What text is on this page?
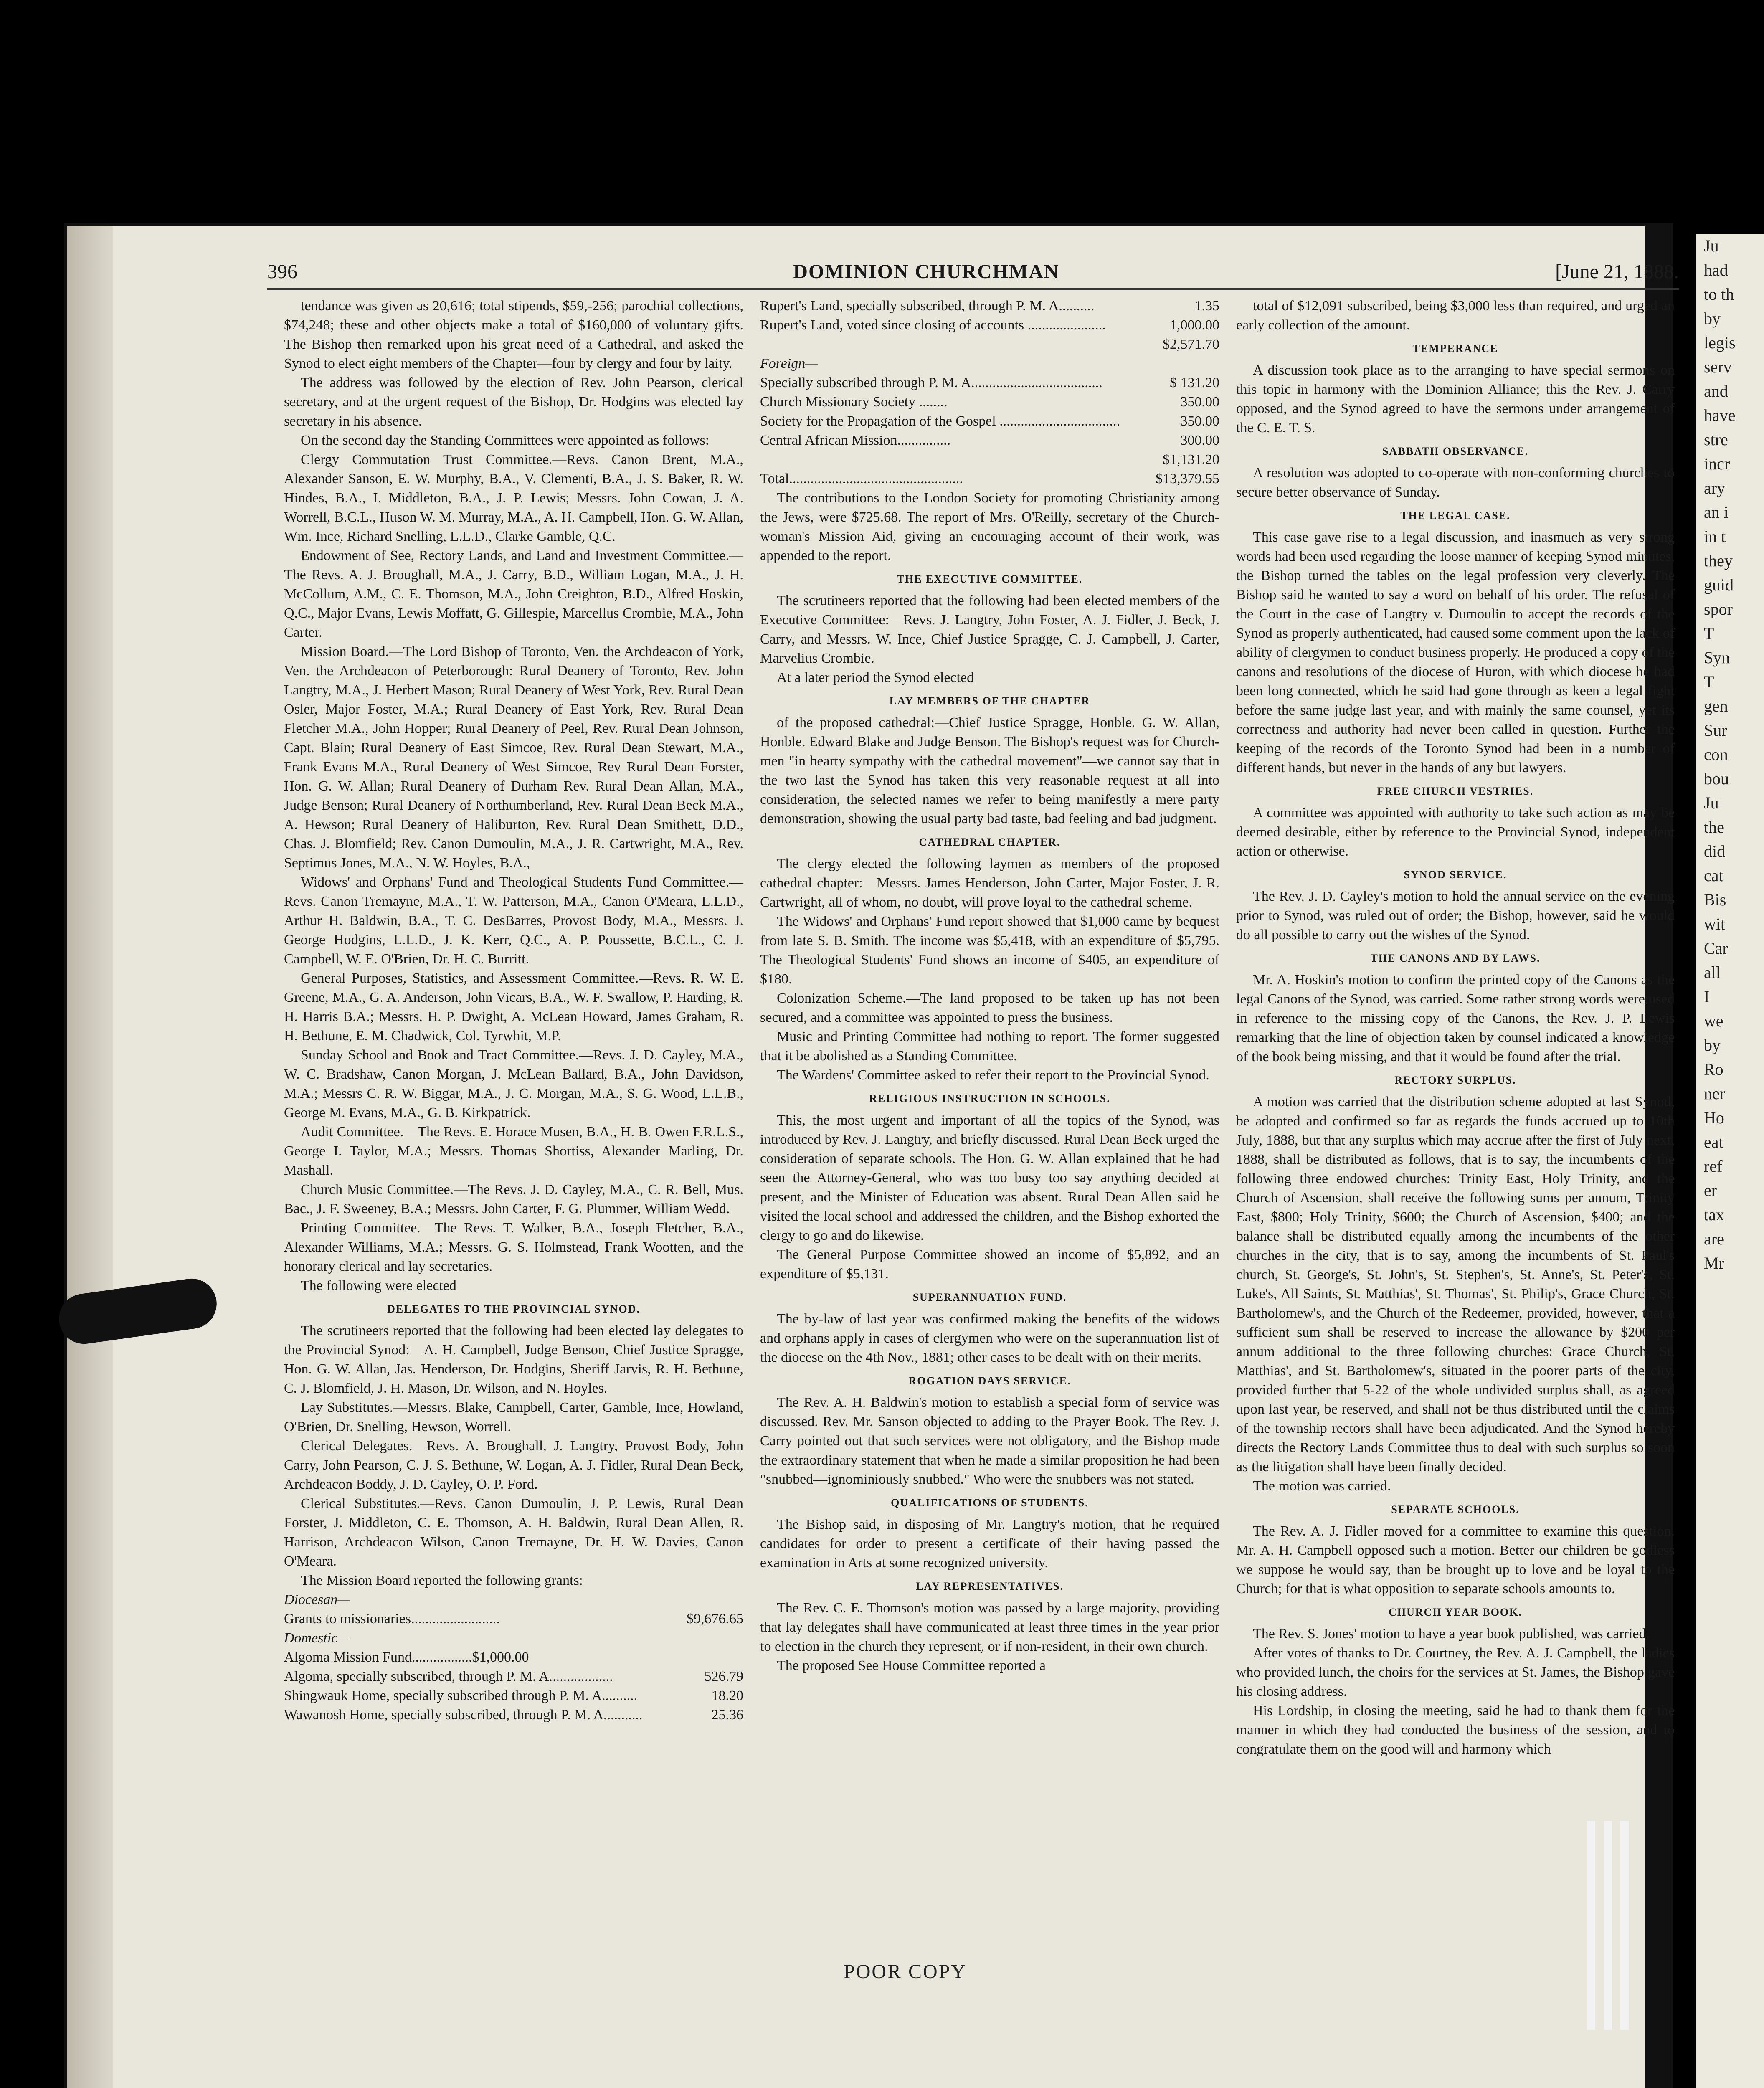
Ju
had
to th
by
legis
serv
and
have
stre
incr
ary
an i
in t
they
guid
spor
T
Syn
T
gen
Sur
con
bou
Ju
the
did
cat
Bis
wit
Car
all
I
we
by
Ro
ner
Ho
eat
ref
er
tax
are
Mr
396	DOMINION CHURCHMAN	[June 21, 1888.

tendance was given as 20,616; total stipends, $59,-256; parochial collections, $74,248; these and other objects make a total of $160,000 of voluntary gifts. The Bishop then remarked upon his great need of a Cathedral, and asked the Synod to elect eight members of the Chapter—four by clergy and four by laity.

The address was followed by the election of Rev. John Pearson, clerical secretary, and at the urgent request of the Bishop, Dr. Hodgins was elected lay secretary in his absence.

On the second day the Standing Committees were appointed as follows:

Clergy Commutation Trust Committee.—Revs. Canon Brent, M.A., Alexander Sanson, E. W. Murphy, B.A., V. Clementi, B.A., J. S. Baker, R. W. Hindes, B.A., I. Middleton, B.A., J. P. Lewis; Messrs. John Cowan, J. A. Worrell, B.C.L., Huson W. M. Murray, M.A., A. H. Campbell, Hon. G. W. Allan, Wm. Ince, Richard Snelling, L.L.D., Clarke Gamble, Q.C.

Endowment of See, Rectory Lands, and Land and Investment Committee.—The Revs. A. J. Broughall, M.A., J. Carry, B.D., William Logan, M.A., J. H. McCollum, A.M., C. E. Thomson, M.A., John Creighton, B.D., Alfred Hoskin, Q.C., Major Evans, Lewis Moffatt, G. Gillespie, Marcellus Crombie, M.A., John Carter.

Mission Board.—The Lord Bishop of Toronto, Ven. the Archdeacon of York, Ven. the Archdeacon of Peterborough: Rural Deanery of Toronto, Rev. John Langtry, M.A., J. Herbert Mason; Rural Deanery of West York, Rev. Rural Dean Osler, Major Foster, M.A.; Rural Deanery of East York, Rev. Rural Dean Fletcher M.A., John Hopper; Rural Deanery of Peel, Rev. Rural Dean Johnson, Capt. Blain; Rural Deanery of East Simcoe, Rev. Rural Dean Stewart, M.A., Frank Evans M.A., Rural Deanery of West Simcoe, Rev Rural Dean Forster, Hon. G. W. Allan; Rural Deanery of Durham Rev. Rural Dean Allan, M.A., Judge Benson; Rural Deanery of Northumberland, Rev. Rural Dean Beck M.A., A. Hewson; Rural Deanery of Haliburton, Rev. Rural Dean Smithett, D.D., Chas. J. Blomfield; Rev. Canon Dumoulin, M.A., J. R. Cartwright, M.A., Rev. Septimus Jones, M.A., N. W. Hoyles, B.A.,

Widows' and Orphans' Fund and Theological Students Fund Committee.—Revs. Canon Tremayne, M.A., T. W. Patterson, M.A., Canon O'Meara, L.L.D., Arthur H. Baldwin, B.A., T. C. DesBarres, Provost Body, M.A., Messrs. J. George Hodgins, L.L.D., J. K. Kerr, Q.C., A. P. Poussette, B.C.L., C. J. Campbell, W. E. O'Brien, Dr. H. C. Burritt.

General Purposes, Statistics, and Assessment Committee.—Revs. R. W. E. Greene, M.A., G. A. Anderson, John Vicars, B.A., W. F. Swallow, P. Harding, R. H. Harris B.A.; Messrs. H. P. Dwight, A. McLean Howard, James Graham, R. H. Bethune, E. M. Chadwick, Col. Tyrwhit, M.P.

Sunday School and Book and Tract Committee.—Revs. J. D. Cayley, M.A., W. C. Bradshaw, Canon Morgan, J. McLean Ballard, B.A., John Davidson, M.A.; Messrs C. R. W. Biggar, M.A., J. C. Morgan, M.A., S. G. Wood, L.L.B., George M. Evans, M.A., G. B. Kirkpatrick.

Audit Committee.—The Revs. E. Horace Musen, B.A., H. B. Owen F.R.L.S., George I. Taylor, M.A.; Messrs. Thomas Shortiss, Alexander Marling, Dr. Mashall.

Church Music Committee.—The Revs. J. D. Cayley, M.A., C. R. Bell, Mus. Bac., J. F. Sweeney, B.A.; Messrs. John Carter, F. G. Plummer, William Wedd.

Printing Committee.—The Revs. T. Walker, B.A., Joseph Fletcher, B.A., Alexander Williams, M.A.; Messrs. G. S. Holmstead, Frank Wootten, and the honorary clerical and lay secretaries.

The following were elected

DELEGATES TO THE PROVINCIAL SYNOD.

The scrutineers reported that the following had been elected lay delegates to the Provincial Synod:—A. H. Campbell, Judge Benson, Chief Justice Spragge, Hon. G. W. Allan, Jas. Henderson, Dr. Hodgins, Sheriff Jarvis, R. H. Bethune, C. J. Blomfield, J. H. Mason, Dr. Wilson, and N. Hoyles.

Lay Substitutes.—Messrs. Blake, Campbell, Carter, Gamble, Ince, Howland, O'Brien, Dr. Snelling, Hewson, Worrell.

Clerical Delegates.—Revs. A. Broughall, J. Langtry, Provost Body, John Carry, John Pearson, C. J. S. Bethune, W. Logan, A. J. Fidler, Rural Dean Beck, Archdeacon Boddy, J. D. Cayley, O. P. Ford.

Clerical Substitutes.—Revs. Canon Dumoulin, J. P. Lewis, Rural Dean Forster, J. Middleton, C. E. Thomson, A. H. Baldwin, Rural Dean Allen, R. Harrison, Archdeacon Wilson, Canon Tremayne, Dr. H. W. Davies, Canon O'Meara.

The Mission Board reported the following grants:

Diocesan—

Grants to missionaries.........................	$9,676.65

Domestic—

Algoma Mission Fund.................$1,000.00
Algoma, specially subscribed, through P. M. A..................	526.79
Shingwauk Home, specially subscribed through P. M. A..........	18.20
Wawanosh Home, specially subscribed, through P. M. A...........	25.36
Rupert's Land, specially subscribed, through P. M. A..........	1.35
Rupert's Land, voted since closing of accounts ......................	1,000.00
$2,571.70

Foreign—

Specially subscribed through P. M. A.....................................	$ 131.20
Church Missionary Society ........	350.00
Society for the Propagation of the Gospel ..................................	350.00
Central African Mission...............	300.00
$1,131.20
Total.................................................	$13,379.55

The contributions to the London Society for promoting Christianity among the Jews, were $725.68. The report of Mrs. O'Reilly, secretary of the Church-woman's Mission Aid, giving an encouraging account of their work, was appended to the report.

THE EXECUTIVE COMMITTEE.

The scrutineers reported that the following had been elected members of the Executive Committee:—Revs. J. Langtry, John Foster, A. J. Fidler, J. Beck, J. Carry, and Messrs. W. Ince, Chief Justice Spragge, C. J. Campbell, J. Carter, Marvelius Crombie.

At a later period the Synod elected

LAY MEMBERS OF THE CHAPTER

of the proposed cathedral:—Chief Justice Spragge, Honble. G. W. Allan, Honble. Edward Blake and Judge Benson. The Bishop's request was for Church-men "in hearty sympathy with the cathedral movement"—we cannot say that in the two last the Synod has taken this very reasonable request at all into consideration, the selected names we refer to being manifestly a mere party demonstration, showing the usual party bad taste, bad feeling and bad judgment.

CATHEDRAL CHAPTER.

The clergy elected the following laymen as members of the proposed cathedral chapter:—Messrs. James Henderson, John Carter, Major Foster, J. R. Cartwright, all of whom, no doubt, will prove loyal to the cathedral scheme.

The Widows' and Orphans' Fund report showed that $1,000 came by bequest from late S. B. Smith. The income was $5,418, with an expenditure of $5,795. The Theological Students' Fund shows an income of $405, an expenditure of $180.

Colonization Scheme.—The land proposed to be taken up has not been secured, and a committee was appointed to press the business.

Music and Printing Committee had nothing to report. The former suggested that it be abolished as a Standing Committee.

The Wardens' Committee asked to refer their report to the Provincial Synod.

RELIGIOUS INSTRUCTION IN SCHOOLS.

This, the most urgent and important of all the topics of the Synod, was introduced by Rev. J. Langtry, and briefly discussed. Rural Dean Beck urged the consideration of separate schools. The Hon. G. W. Allan explained that he had seen the Attorney-General, who was too busy too say anything decided at present, and the Minister of Education was absent. Rural Dean Allen said he visited the local school and addressed the children, and the Bishop exhorted the clergy to go and do likewise.

The General Purpose Committee showed an income of $5,892, and an expenditure of $5,131.

SUPERANNUATION FUND.

The by-law of last year was confirmed making the benefits of the widows and orphans apply in cases of clergymen who were on the superannuation list of the diocese on the 4th Nov., 1881; other cases to be dealt with on their merits.

ROGATION DAYS SERVICE.

The Rev. A. H. Baldwin's motion to establish a special form of service was discussed. Rev. Mr. Sanson objected to adding to the Prayer Book. The Rev. J. Carry pointed out that such services were not obligatory, and the Bishop made the extraordinary statement that when he made a similar proposition he had been "snubbed—ignominiously snubbed." Who were the snubbers was not stated.

QUALIFICATIONS OF STUDENTS.

The Bishop said, in disposing of Mr. Langtry's motion, that he required candidates for order to present a certificate of their having passed the examination in Arts at some recognized university.

LAY REPRESENTATIVES.

The Rev. C. E. Thomson's motion was passed by a large majority, providing that lay delegates shall have communicated at least three times in the year prior to election in the church they represent, or if non-resident, in their own church.

The proposed See House Committee reported a

total of $12,091 subscribed, being $3,000 less than required, and urged an early collection of the amount.

TEMPERANCE

A discussion took place as to the arranging to have special sermons on this topic in harmony with the Dominion Alliance; this the Rev. J. Carry opposed, and the Synod agreed to have the sermons under arrangement of the C. E. T. S.

SABBATH OBSERVANCE.

A resolution was adopted to co-operate with non-conforming churches to secure better observance of Sunday.

THE LEGAL CASE.

This case gave rise to a legal discussion, and inasmuch as very strong words had been used regarding the loose manner of keeping Synod minutes, the Bishop turned the tables on the legal profession very cleverly. The Bishop said he wanted to say a word on behalf of his order. The refusal of the Court in the case of Langtry v. Dumoulin to accept the records of the Synod as properly authenticated, had caused some comment upon the lack of ability of clergymen to conduct business properly. He produced a copy of the canons and resolutions of the diocese of Huron, with which diocese he had been long connected, which he said had gone through as keen a legal fight before the same judge last year, and with mainly the same counsel, yet its correctness and authority had never been called in question. Further the keeping of the records of the Toronto Synod had been in a number of different hands, but never in the hands of any but lawyers.

FREE CHURCH VESTRIES.

A committee was appointed with authority to take such action as may be deemed desirable, either by reference to the Provincial Synod, independent action or otherwise.

SYNOD SERVICE.

The Rev. J. D. Cayley's motion to hold the annual service on the evening prior to Synod, was ruled out of order; the Bishop, however, said he would do all possible to carry out the wishes of the Synod.

THE CANONS AND BY LAWS.

Mr. A. Hoskin's motion to confirm the printed copy of the Canons as the legal Canons of the Synod, was carried. Some rather strong words were used in reference to the missing copy of the Canons, the Rev. J. P. Lewis remarking that the line of objection taken by counsel indicated a knowledge of the book being missing, and that it would be found after the trial.

RECTORY SURPLUS.

A motion was carried that the distribution scheme adopted at last Synod, be adopted and confirmed so far as regards the funds accrued up to 10th July, 1888, but that any surplus which may accrue after the first of July next, 1888, shall be distributed as follows, that is to say, the incumbents of the following three endowed churches: Trinity East, Holy Trinity, and the Church of Ascension, shall receive the following sums per annum, Trinity East, $800; Holy Trinity, $600; the Church of Ascension, $400; and the balance shall be distributed equally among the incumbents of the other churches in the city, that is to say, among the incumbents of St. Paul's church, St. George's, St. John's, St. Stephen's, St. Anne's, St. Peter's, St. Luke's, All Saints, St. Matthias', St. Thomas', St. Philip's, Grace Church, St. Bartholomew's, and the Church of the Redeemer, provided, however, that a sufficient sum shall be reserved to increase the allowance by $200 per annum additional to the three following churches: Grace Church, St. Matthias', and St. Bartholomew's, situated in the poorer parts of the city, provided further that 5-22 of the whole undivided surplus shall, as agreed upon last year, be reserved, and shall not be thus distributed until the claims of the township rectors shall have been adjudicated. And the Synod hereby directs the Rectory Lands Committee thus to deal with such surplus so soon as the litigation shall have been finally decided.

The motion was carried.

SEPARATE SCHOOLS.

The Rev. A. J. Fidler moved for a committee to examine this question. Mr. A. H. Campbell opposed such a motion. Better our children be godless we suppose he would say, than be brought up to love and be loyal to the Church; for that is what opposition to separate schools amounts to.

CHURCH YEAR BOOK.

The Rev. S. Jones' motion to have a year book published, was carried.

After votes of thanks to Dr. Courtney, the Rev. A. J. Campbell, the ladies who provided lunch, the choirs for the services at St. James, the Bishop gave his closing address.

His Lordship, in closing the meeting, said he had to thank them for the manner in which they had conducted the business of the session, and to congratulate them on the good will and harmony which

POOR COPY
